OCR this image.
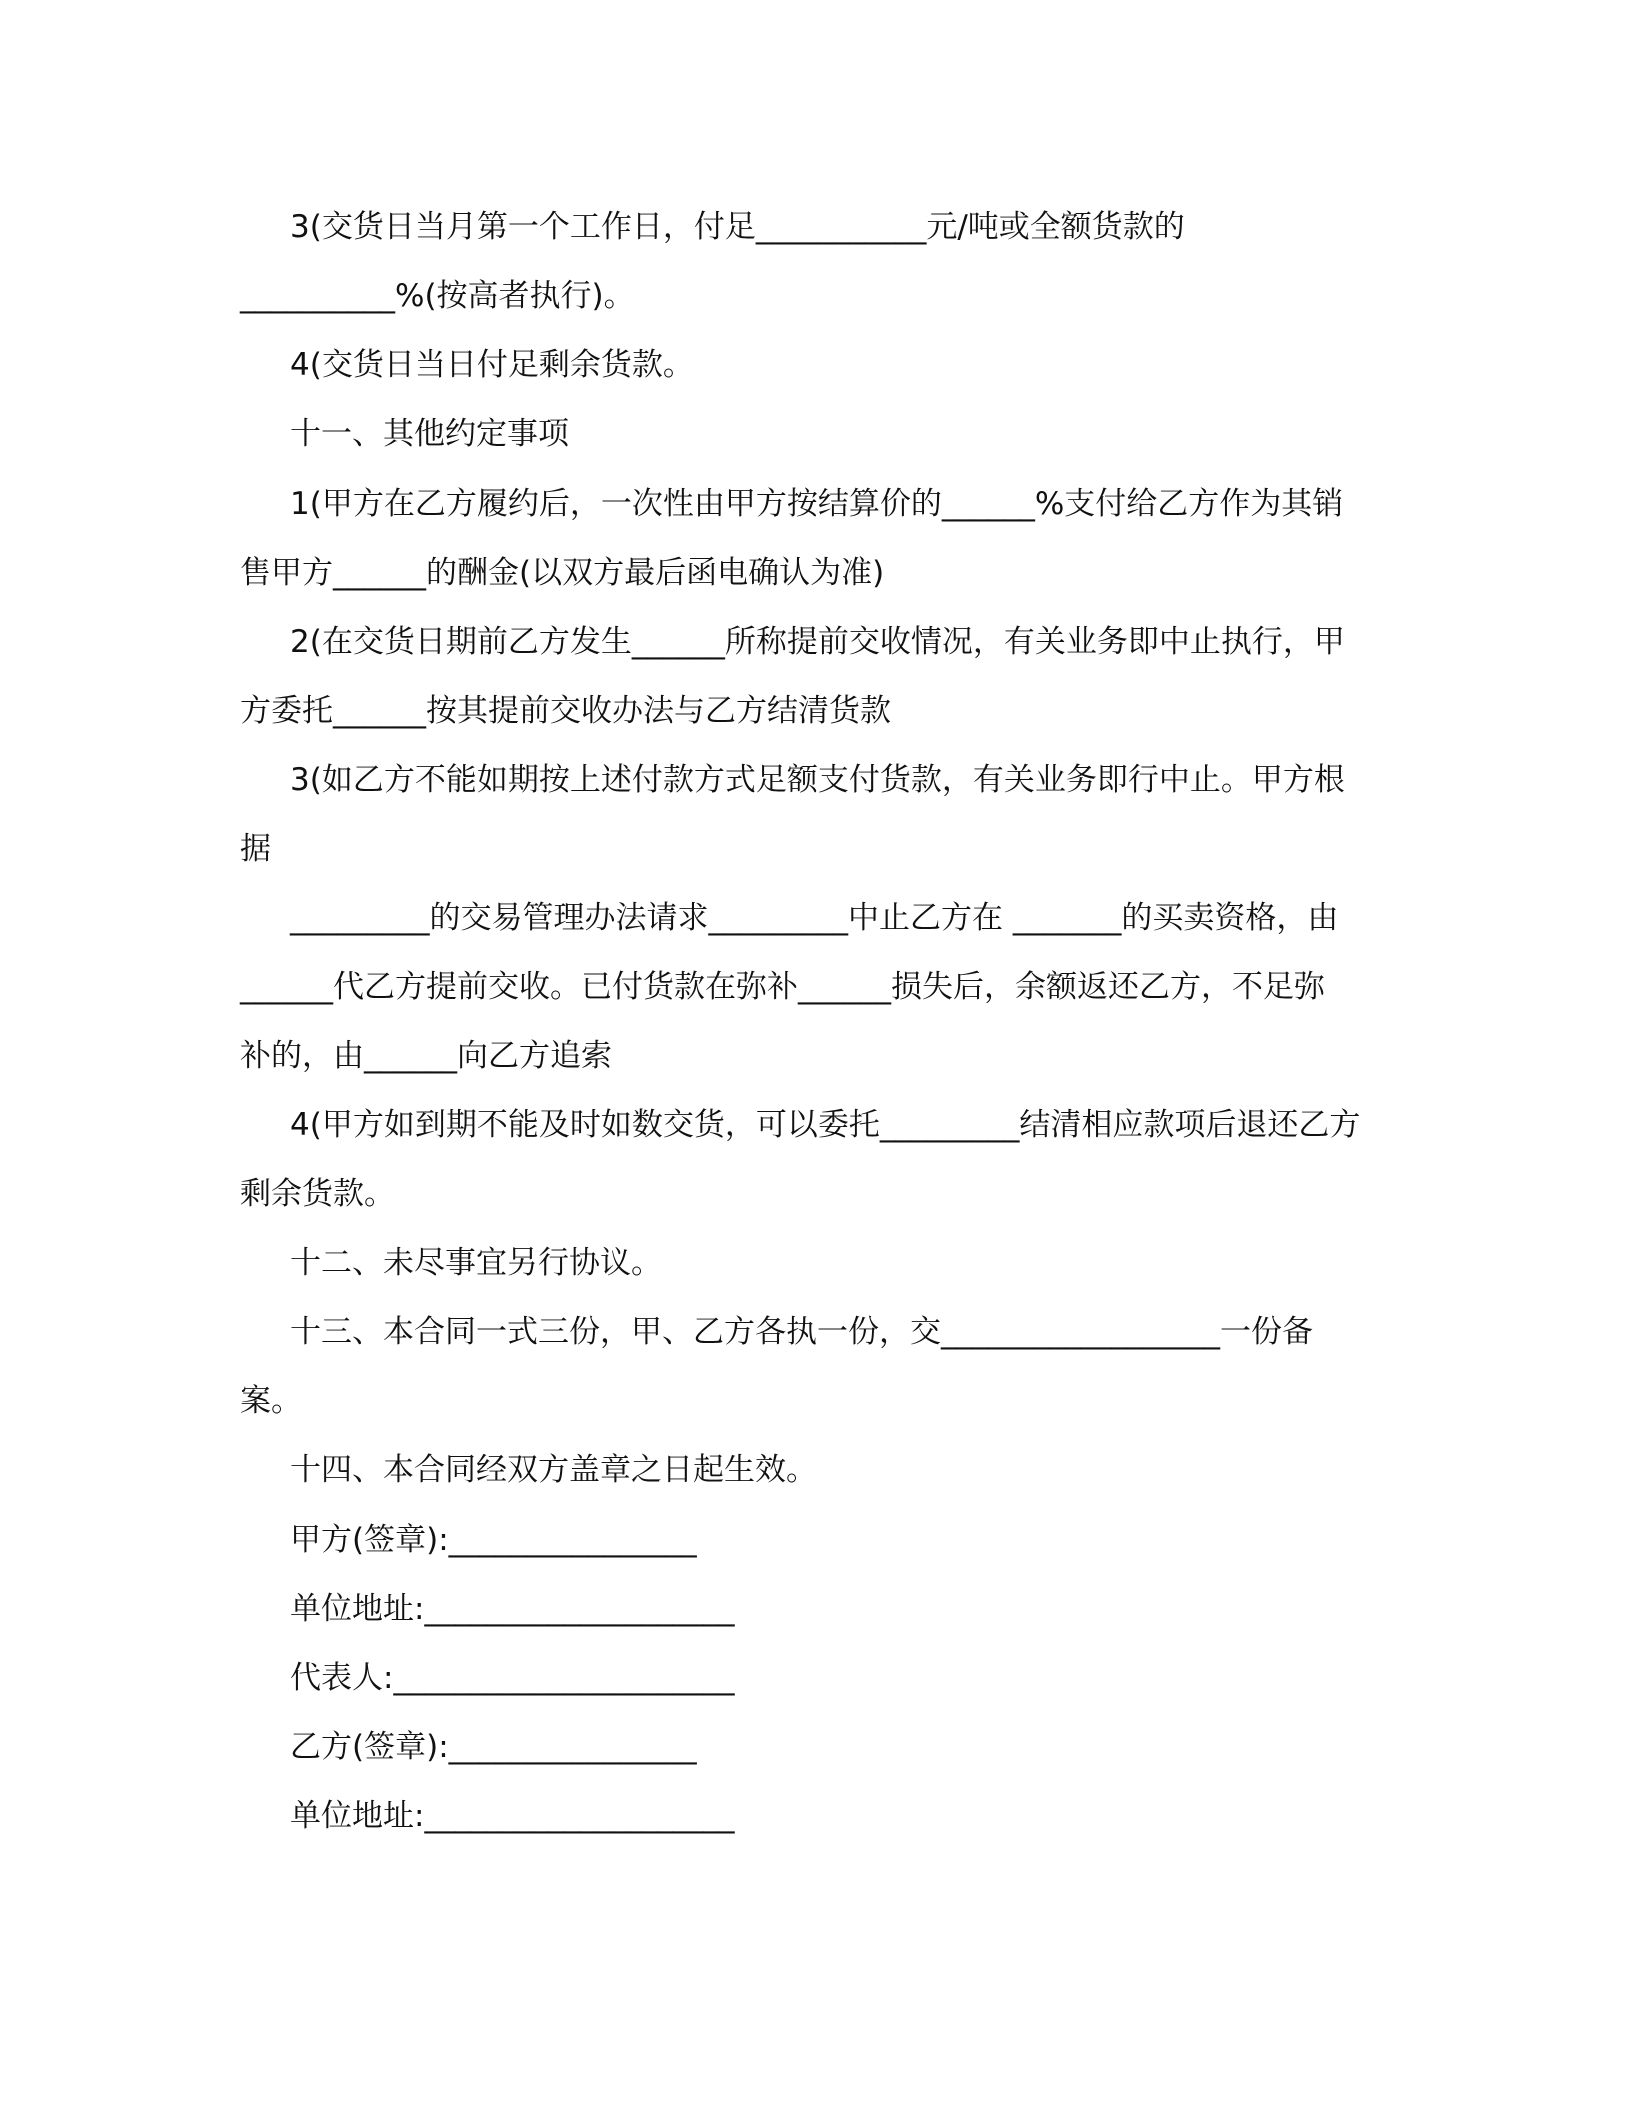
3(交货日当月第一个工作日，付足___________元/吨或全额货款的
__________%(按高者执行)。
4(交货日当日付足剩余货款。
十一、其他约定事项
1(甲方在乙方履约后，一次性由甲方按结算价的______%支付给乙方作为其销
售甲方______的酬金(以双方最后函电确认为准)
2(在交货日期前乙方发生______所称提前交收情况，有关业务即中止执行，甲
方委托______按其提前交收办法与乙方结清货款
3(如乙方不能如期按上述付款方式足额支付货款，有关业务即行中止。甲方根
据
_________的交易管理办法请求_________中止乙方在 _______的买卖资格，由
______代乙方提前交收。已付货款在弥补______损失后，余额返还乙方，不足弥
补的，由______向乙方追索
4(甲方如到期不能及时如数交货，可以委托_________结清相应款项后退还乙方
剩余货款。
十二、未尽事宜另行协议。
十三、本合同一式三份，甲、乙方各执一份，交__________________一份备
案。
十四、本合同经双方盖章之日起生效。
甲方(签章):________________
单位地址:____________________
代表人:______________________
乙方(签章):________________
单位地址:____________________
